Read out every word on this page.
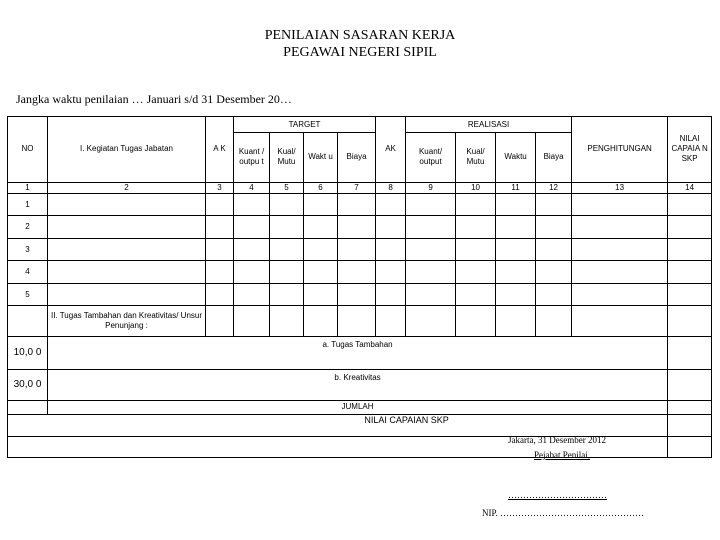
PENILAIAN SASARAN KERJA
PEGAWAI NEGERI SIPIL
Jangka waktu penilaian … Januari s/d 31 Desember 20…
NO	I. Kegiatan Tugas Jabatan	A K	TARGET				AK	REALISASI				PENGHITUNGAN	NILAI CAPAIA N SKP
			Kuant / outpu t	Kual/ Mutu	Wakt u	Biaya		Kuant/ output	Kual/ Mutu	Waktu	Biaya		
1	2	3	4	5	6	7	8	9	10	11	12	13	14
1													
2													
3													
4													
5													
	II. Tugas Tambahan dan Kreativitas/ Unsur Penunjang :												
10,0 0	a. Tugas Tambahan												
30,0 0	b. Kreativitas												
	JUMLAH												
NILAI CAPAIAN SKP													

Jakarta, 31 Desember 2012
Pejabat Penilai,
……………………………
NIP. …………………………………………
